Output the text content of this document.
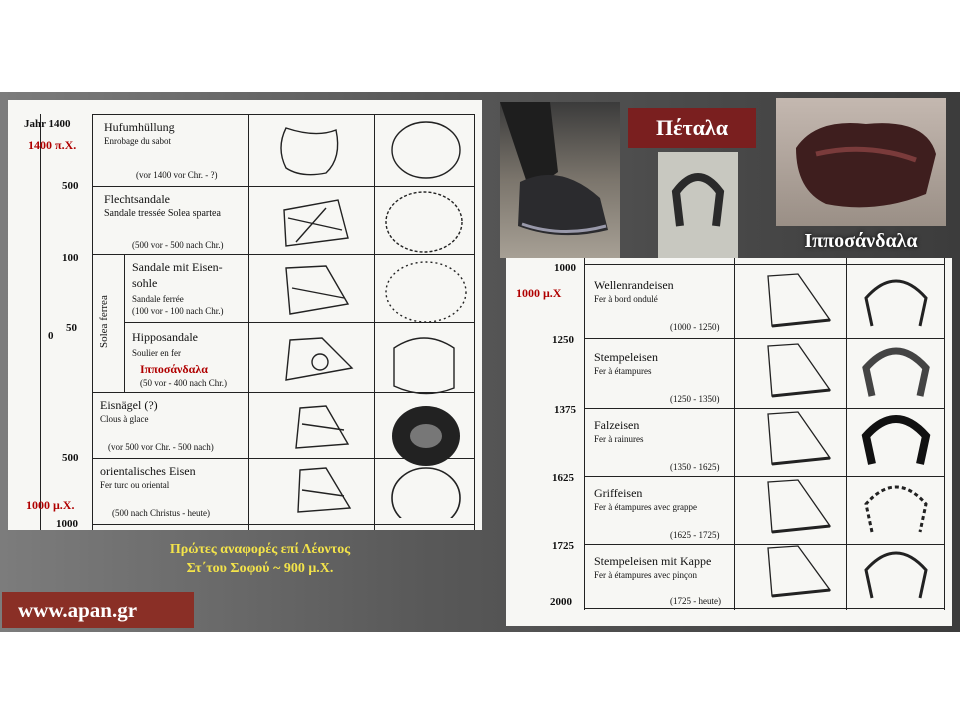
Jahr 1400
500
100
50
0
500
1000
1400 π.Χ.
1000 μ.Χ.
Solea ferrea
Hufumhüllung
Enrobage du sabot
(vor 1400 vor Chr. - ?)
Flechtsandale
Sandale tressée Solea spartea
(500 vor - 500 nach Chr.)
Sandale mit Eisen-
sohle
Sandale ferrée
(100 vor - 100 nach Chr.)
Hipposandale
Soulier en fer
Ιπποσάνδαλα
(50 vor - 400 nach Chr.)
Eisnägel (?)
Clous à glace
(vor 500 vor Chr. - 500 nach)
orientalisches Eisen
Fer turc ou oriental
(500 nach Christus - heute)
Πρώτες αναφορές επί Λέοντος
Στ΄του Σοφού ~ 900 μ.Χ.
www.apan.gr
Πέταλα
Ιπποσάνδαλα
1000
1250
1375
1625
1725
2000
1000 μ.Χ
Wellenrandeisen
Fer à bord ondulé
(1000 - 1250)
Stempeleisen
Fer à étampures
(1250 - 1350)
Falzeisen
Fer à rainures
(1350 - 1625)
Griffeisen
Fer à étampures avec grappe
(1625 - 1725)
Stempeleisen mit Kappe
Fer à étampures avec pinçon
(1725 - heute)
